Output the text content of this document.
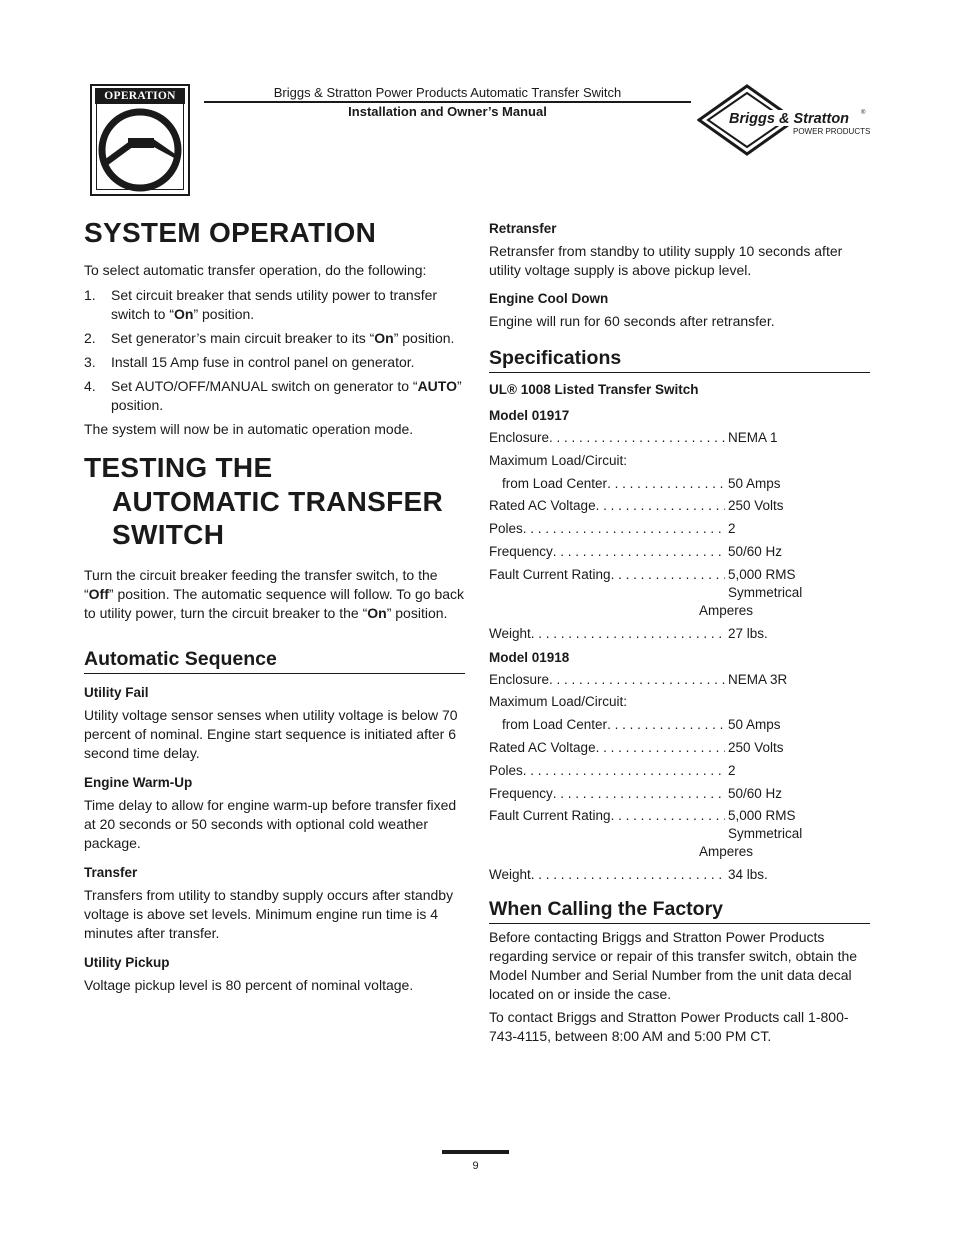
OPERATION	Briggs & Stratton Power Products Automatic Transfer Switch
Installation and Owner’s Manual	Briggs & Stratton ®
POWER PRODUCTS
SYSTEM OPERATION

To select automatic transfer operation, do the following:

1. Set circuit breaker that sends utility power to transfer switch to “On” position.
2. Set generator’s main circuit breaker to its “On” position.
3. Install 15 Amp fuse in control panel on generator.
4. Set AUTO/OFF/MANUAL switch on generator to “AUTO” position.

The system will now be in automatic operation mode.

TESTING THE
AUTOMATIC TRANSFER
SWITCH

Turn the circuit breaker feeding the transfer switch, to the “Off” position. The automatic sequence will follow. To go back to utility power, turn the circuit breaker to the “On” position.

Automatic Sequence
Utility Fail

Utility voltage sensor senses when utility voltage is below 70 percent of nominal. Engine start sequence is initiated after 6 second time delay.

Engine Warm-Up

Time delay to allow for engine warm-up before transfer fixed at 20 seconds or 50 seconds with optional cold weather package.

Transfer

Transfers from utility to standby supply occurs after standby voltage is above set levels. Minimum engine run time is 4 minutes after transfer.

Utility Pickup

Voltage pickup level is 80 percent of nominal voltage.

Retransfer

Retransfer from standby to utility supply 10 seconds after utility voltage supply is above pickup level.

Engine Cool Down

Engine will run for 60 seconds after retransfer.

Specifications
UL® 1008 Listed Transfer Switch
Model 01917
Enclosure . . .	NEMA 1
Maximum Load/Circuit:
from Load Center . . .	50 Amps
Rated AC Voltage . . .	250 Volts
Poles . . .	2
Frequency . . .	50/60 Hz
Fault Current Rating . . .	5,000 RMS Symmetrical
Amperes
Weight . . .	27 lbs.
Model 01918
Enclosure . . .	NEMA 3R
Maximum Load/Circuit:
from Load Center . . .	50 Amps
Rated AC Voltage . . .	250 Volts
Poles . . .	2
Frequency . . .	50/60 Hz
Fault Current Rating . . .	5,000 RMS Symmetrical
Amperes
Weight . . .	34 lbs.
When Calling the Factory

Before contacting Briggs and Stratton Power Products regarding service or repair of this transfer switch, obtain the Model Number and Serial Number from the unit data decal located on or inside the case.

To contact Briggs and Stratton Power Products call 1-800-743-4115, between 8:00 AM and 5:00 PM CT.

9
